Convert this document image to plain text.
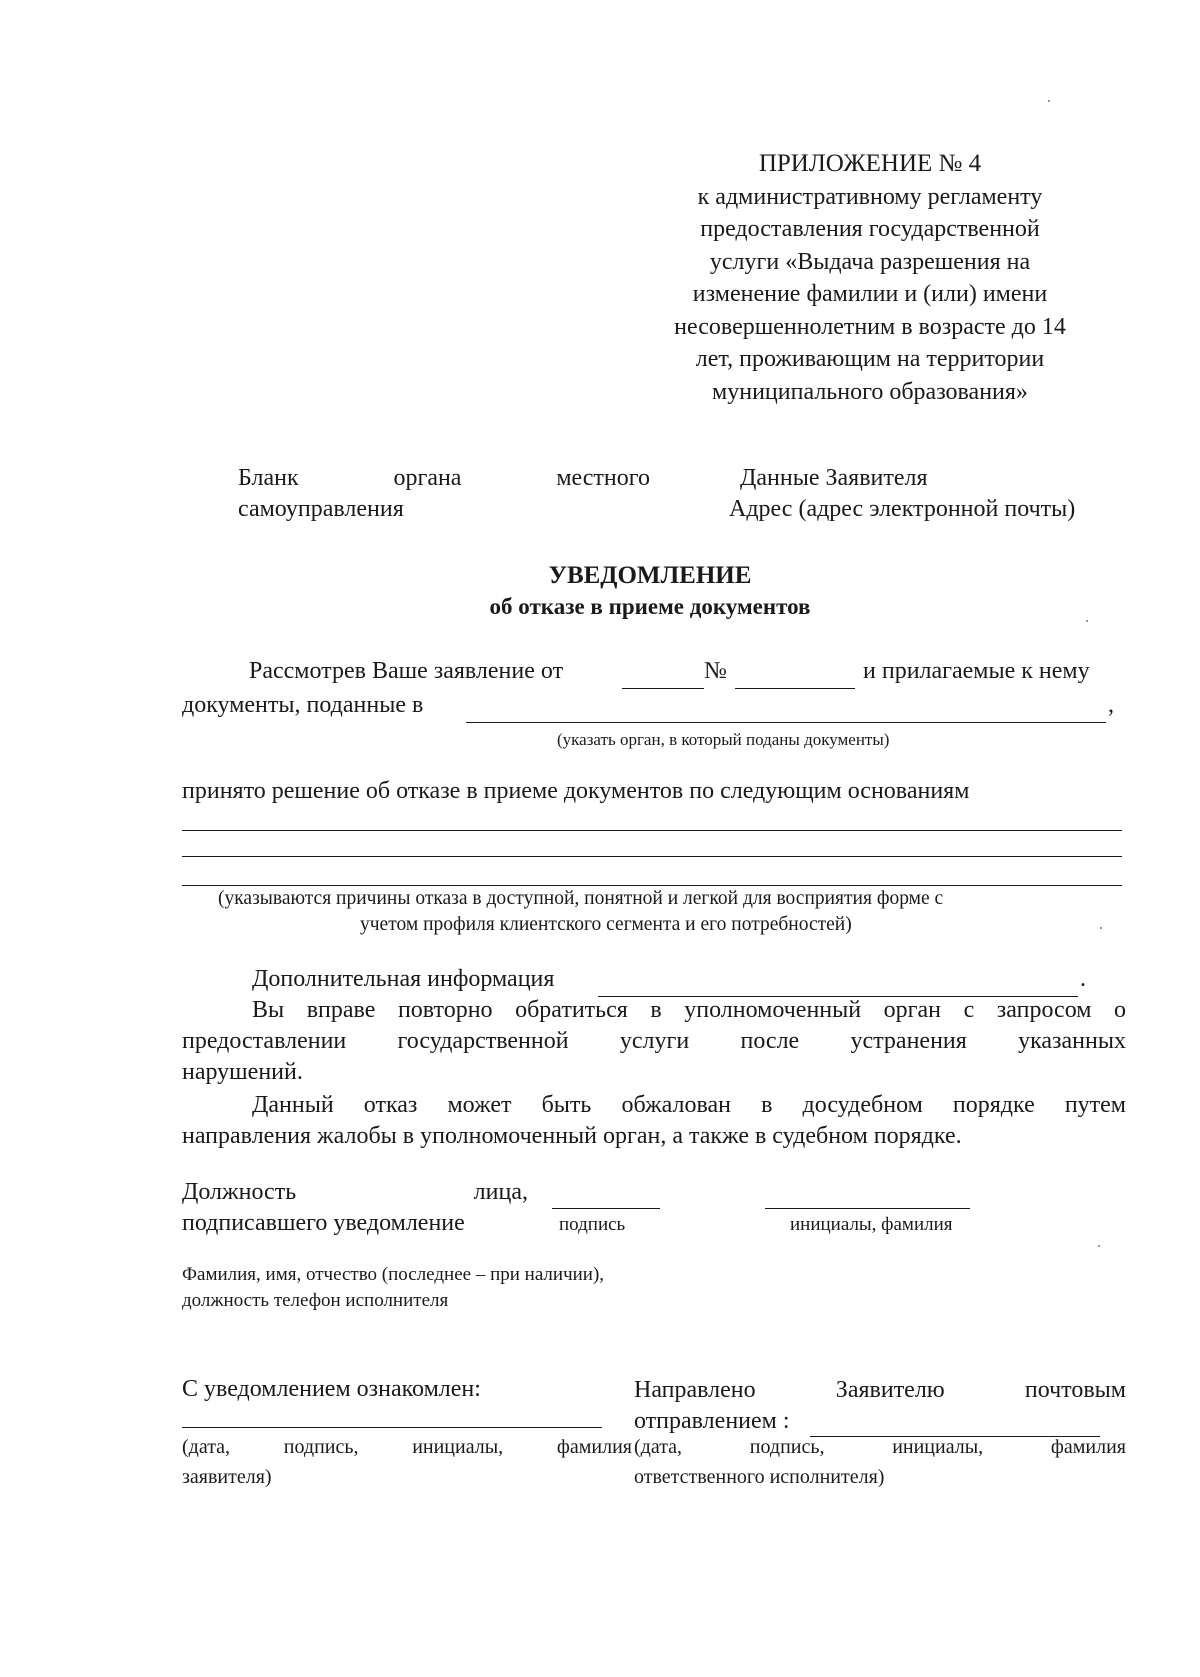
ПРИЛОЖЕНИЕ № 4
к административному регламенту
предоставления государственной
услуги «Выдача разрешения на
изменение фамилии и (или) имени
несовершеннолетним в возрасте до 14
лет, проживающим на территории
муниципального образования»
Бланк	органа	местного
самоуправления
Данные Заявителя
Адрес (адрес электронной почты)
УВЕДОМЛЕНИЕ
об отказе в приеме документов
Рассмотрев Ваше заявление от	№	и прилагаемые к нему
документы, поданные в	,
(указать орган, в который поданы документы)
принято решение об отказе в приеме документов по следующим основаниям
(указываются причины отказа в доступной, понятной и легкой для восприятия форме с
учетом профиля клиентского сегмента и его потребностей)
Дополнительная информация	.
Вы вправе повторно обратиться в уполномоченный орган с запросом о
предоставлении государственной услуги после устранения указанных
нарушений.
Данный отказ может быть обжалован в досудебном порядке путем
направления жалобы в уполномоченный орган, а также в судебном порядке.
Должность	лица,
подписавшего уведомление	подпись	инициалы, фамилия
Фамилия, имя, отчество (последнее – при наличии),
должность телефон исполнителя
С уведомлением ознакомлен:
(дата,	подпись,	инициалы,	фамилия
заявителя)
Направлено	Заявителю	почтовым
отправлением :
(дата,	подпись,	инициалы,	фамилия
ответственного исполнителя)
